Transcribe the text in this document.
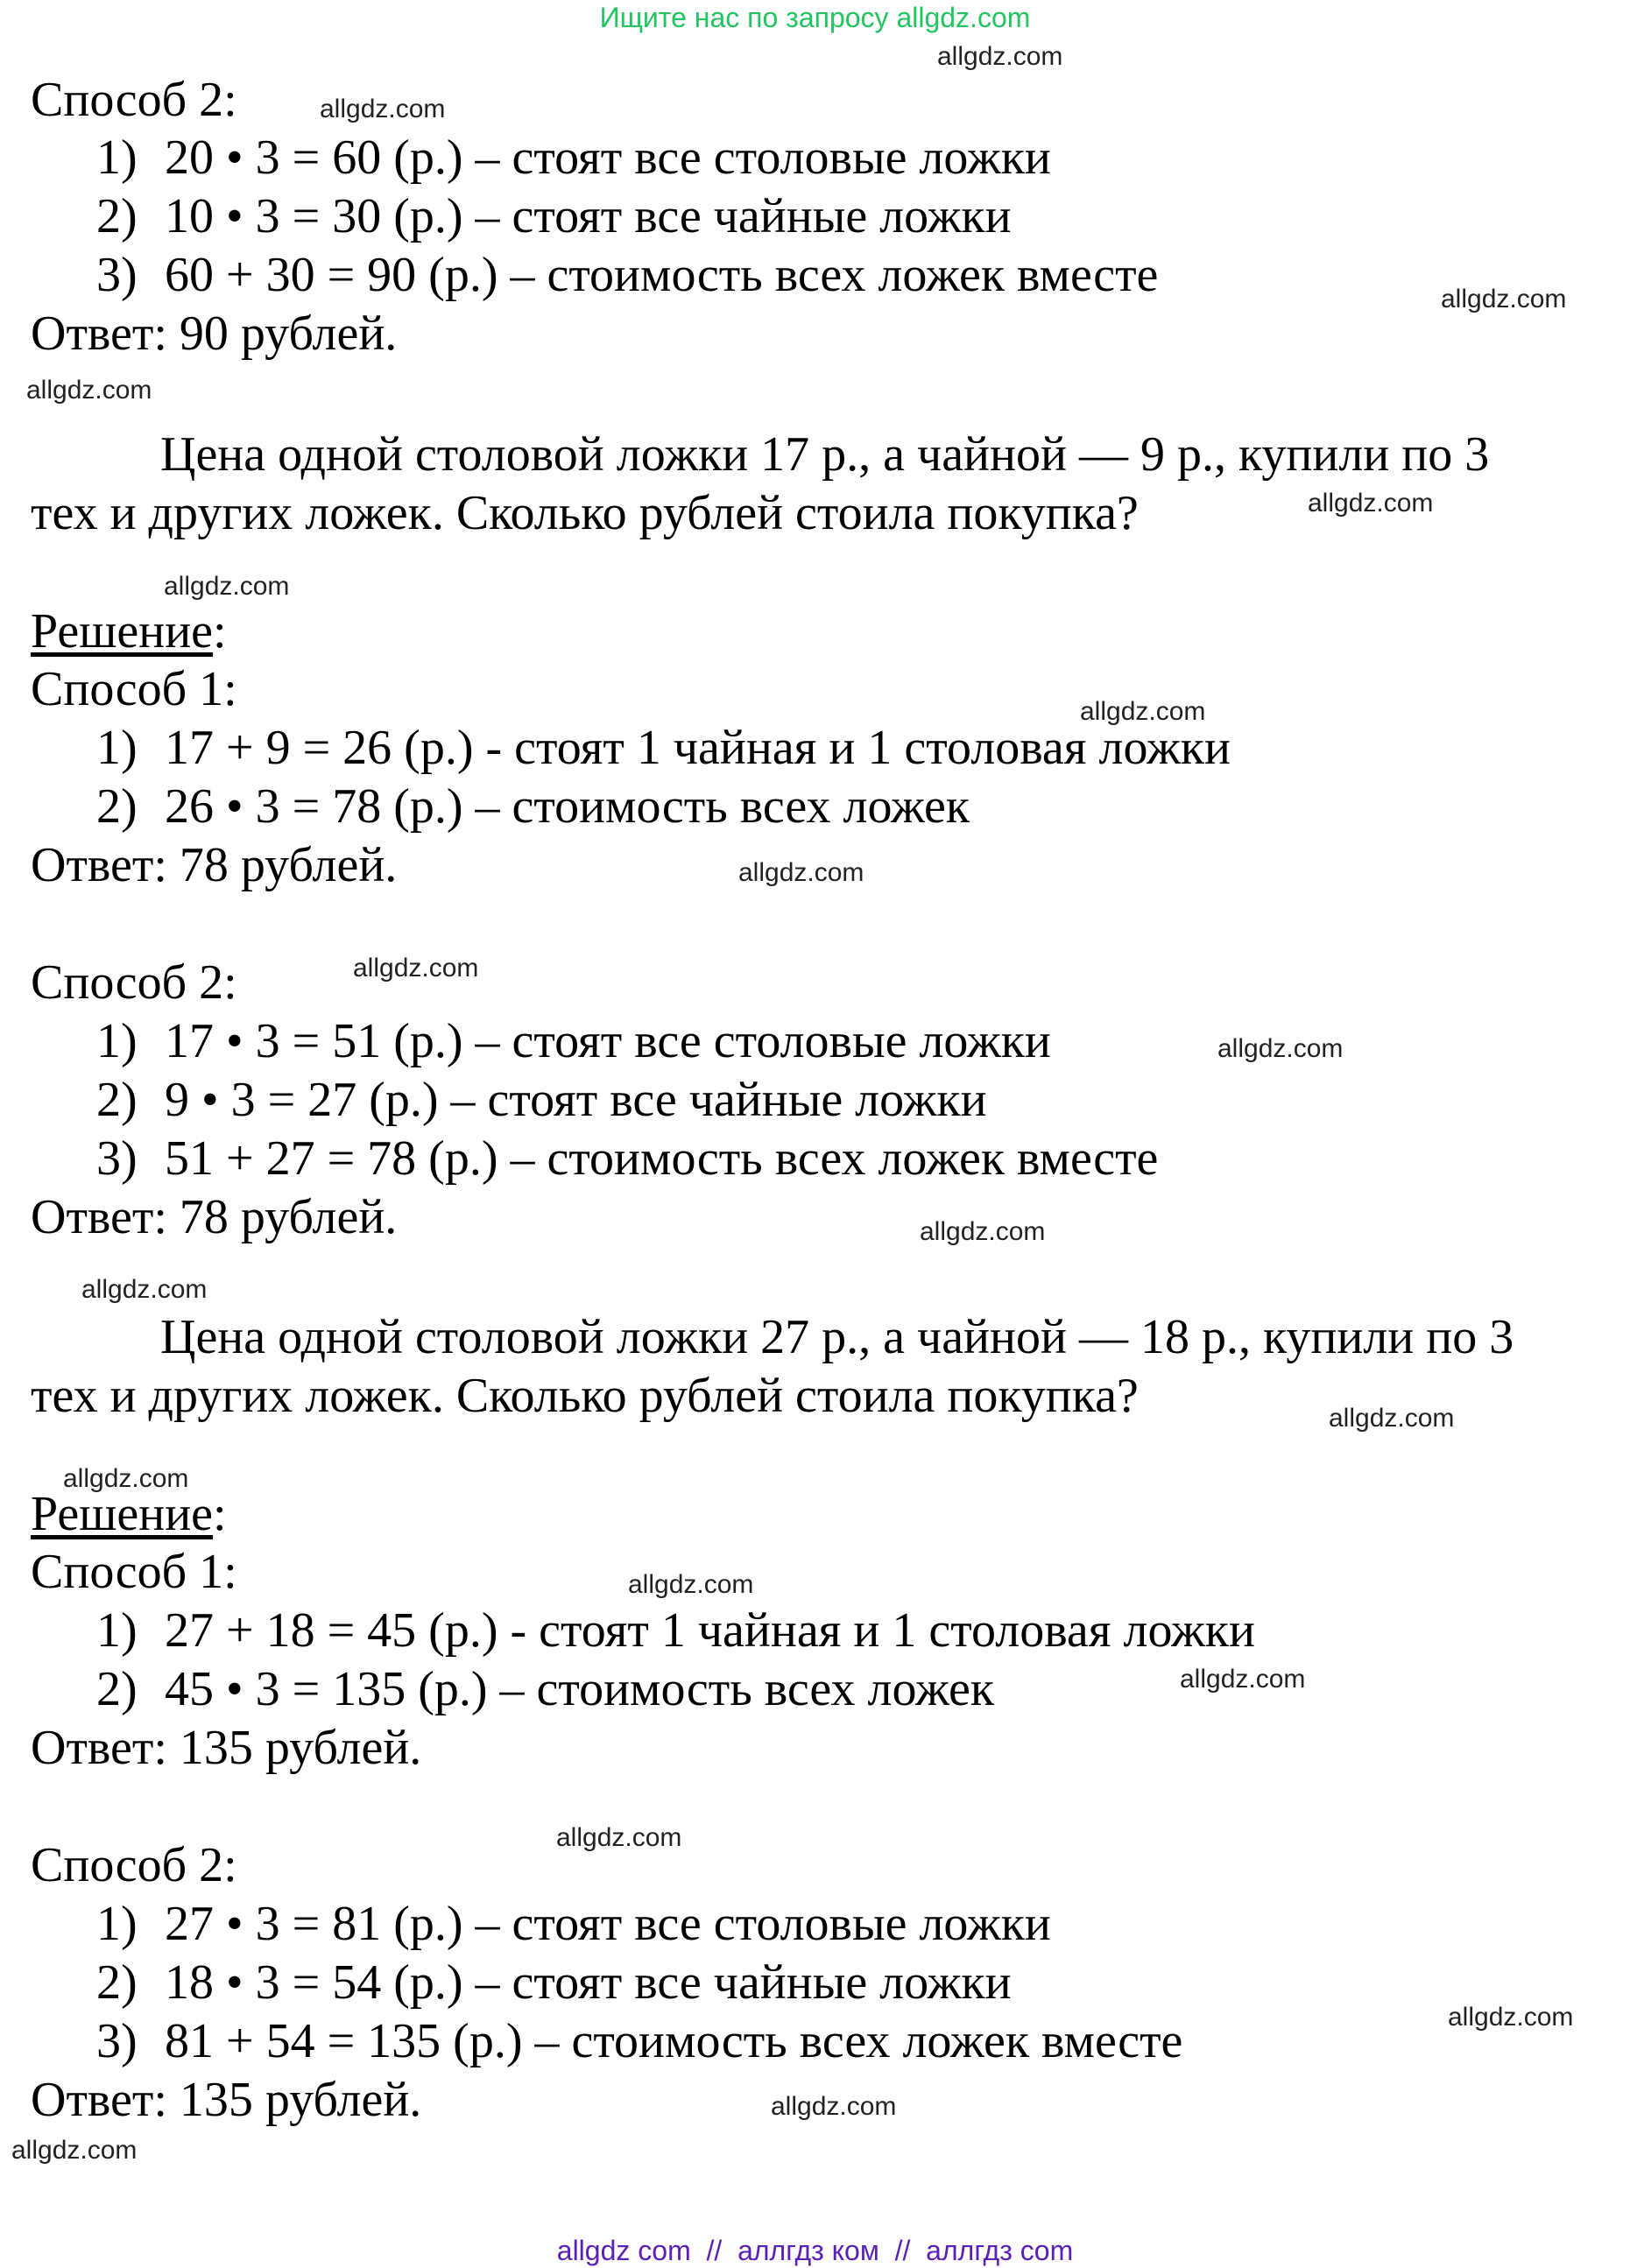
Ищите нас по запросу allgdz.com
Способ 2:
1) 20 • 3 = 60 (р.) – стоят все столовые ложки
2) 10 • 3 = 30 (р.) – стоят все чайные ложки
3) 60 + 30 = 90 (р.) – стоимость всех ложек вместе
Ответ: 90 рублей.
Цена одной столовой ложки 17 р., а чайной — 9 р., купили по 3
тех и других ложек. Сколько рублей стоила покупка?
Решение:
Способ 1:
1) 17 + 9 = 26 (р.) - стоят 1 чайная и 1 столовая ложки
2) 26 • 3 = 78 (р.) – стоимость всех ложек
Ответ: 78 рублей.
Способ 2:
1) 17 • 3 = 51 (р.) – стоят все столовые ложки
2) 9 • 3 = 27 (р.) – стоят все чайные ложки
3) 51 + 27 = 78 (р.) – стоимость всех ложек вместе
Ответ: 78 рублей.
Цена одной столовой ложки 27 р., а чайной — 18 р., купили по 3
тех и других ложек. Сколько рублей стоила покупка?
Решение:
Способ 1:
1) 27 + 18 = 45 (р.) - стоят 1 чайная и 1 столовая ложки
2) 45 • 3 = 135 (р.) – стоимость всех ложек
Ответ: 135 рублей.
Способ 2:
1) 27 • 3 = 81 (р.) – стоят все столовые ложки
2) 18 • 3 = 54 (р.) – стоят все чайные ложки
3) 81 + 54 = 135 (р.) – стоимость всех ложек вместе
Ответ: 135 рублей.
allgdz.com
allgdz.com
allgdz.com
allgdz.com
allgdz.com
allgdz.com
allgdz.com
allgdz.com
allgdz.com
allgdz.com
allgdz.com
allgdz.com
allgdz.com
allgdz.com
allgdz.com
allgdz.com
allgdz.com
allgdz.com
allgdz.com
allgdz.com
allgdz com  //  аллгдз ком  //  аллгдз com
